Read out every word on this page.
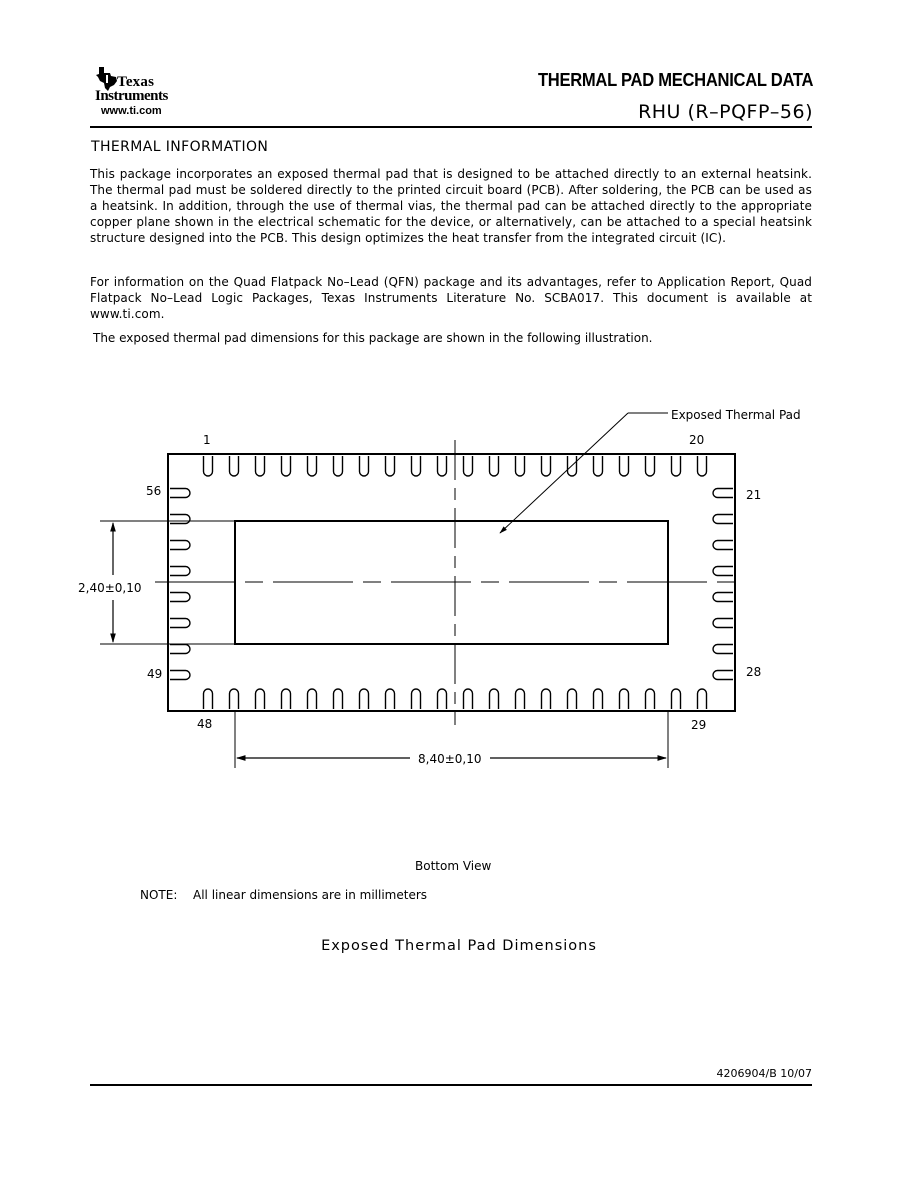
Texas
Instruments
www.ti.com
THERMAL PAD MECHANICAL DATA
RHU (R–PQFP–56)
THERMAL INFORMATION

This package incorporates an exposed thermal pad that is designed to be attached directly to an external heatsink. The thermal pad must be soldered directly to the printed circuit board (PCB). After soldering, the PCB can be used as a heatsink. In addition, through the use of thermal vias, the thermal pad can be attached directly to the appropriate copper plane shown in the electrical schematic for the device, or alternatively, can be attached to a special heatsink structure designed into the PCB. This design optimizes the heat transfer from the integrated circuit (IC).

For information on the Quad Flatpack No–Lead (QFN) package and its advantages, refer to Application Report, Quad Flatpack No–Lead Logic Packages, Texas Instruments Literature No. SCBA017. This document is available at www.ti.com.

The exposed thermal pad dimensions for this package are shown in the following illustration.

Exposed Thermal Pad
1	20
21
28
29
48
49
56
2,40±0,10
8,40±0,10
Bottom View
NOTE: All linear dimensions are in millimeters
Exposed Thermal Pad Dimensions
4206904/B 10/07
